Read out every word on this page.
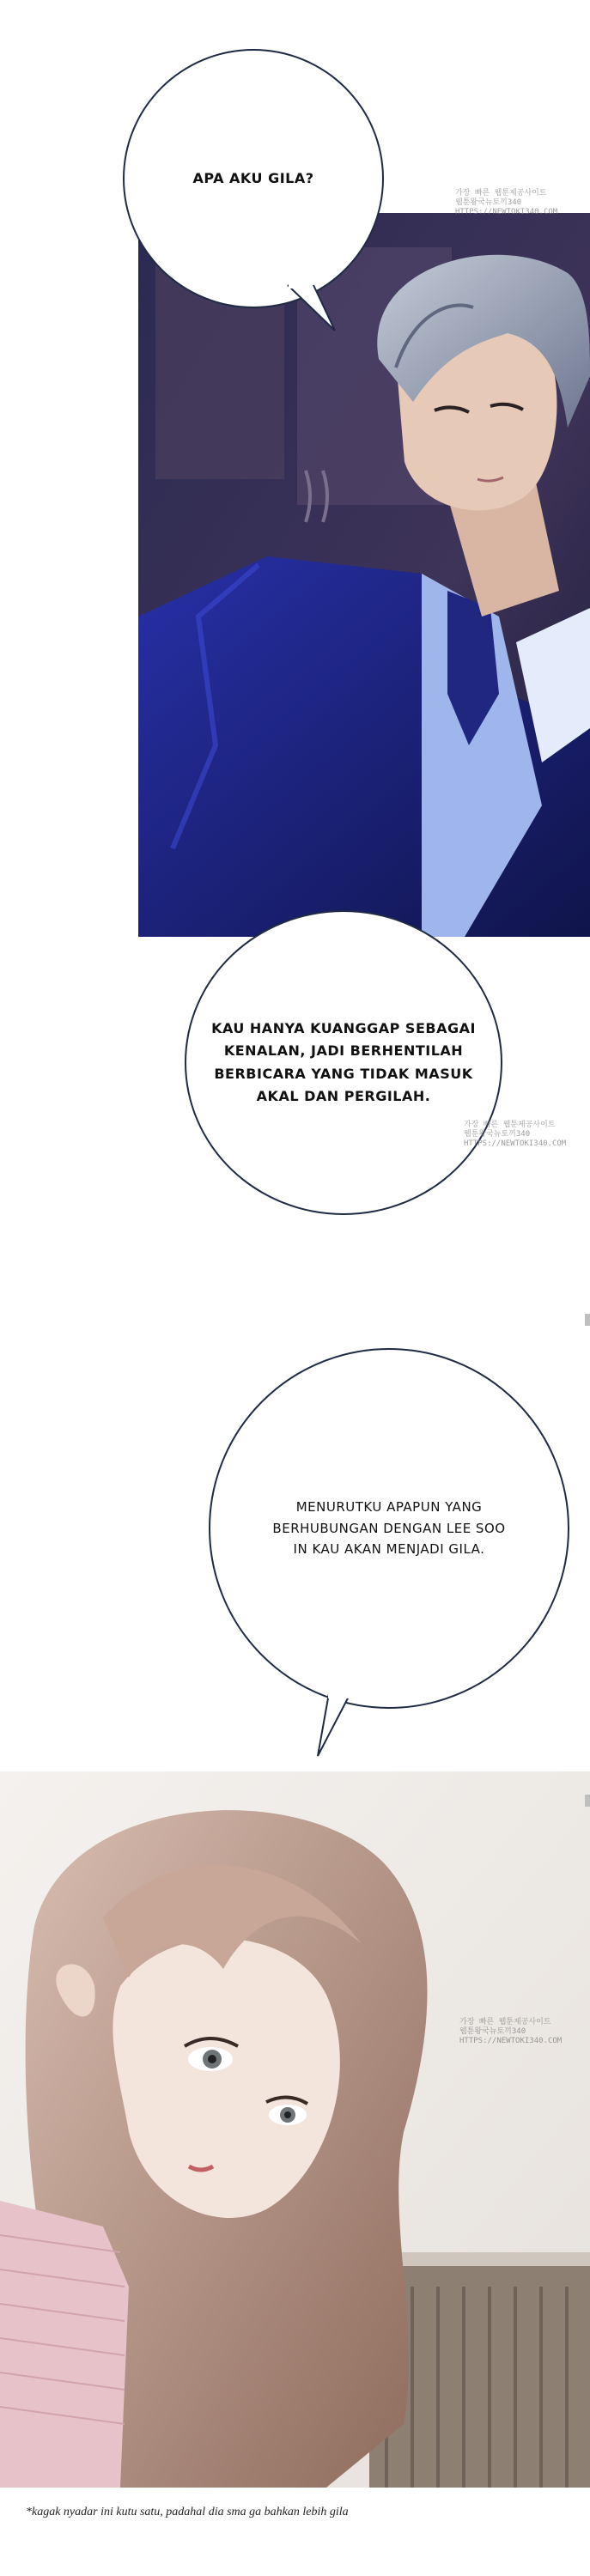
APA AKU GILA?
KAU HANYA KUANGGAP SEBAGAI
KENALAN, JADI BERHENTILAH
BERBICARA YANG TIDAK MASUK
AKAL DAN PERGILAH.
MENURUTKU APAPUN YANG
BERHUBUNGAN DENGAN LEE SOO
IN KAU AKAN MENJADI GILA.
가장 빠른 웹툰제공사이트
웹툰왕국뉴토끼340
HTTPS://NEWTOKI340.COM
가장 빠른 웹툰제공사이트
웹툰왕국뉴토끼340
HTTPS://NEWTOKI340.COM
가장 빠른 웹툰제공사이트
웹툰왕국뉴토끼340
HTTPS://NEWTOKI340.COM
*kagak nyadar ini kutu satu, padahal dia sma ga bahkan lebih gila
